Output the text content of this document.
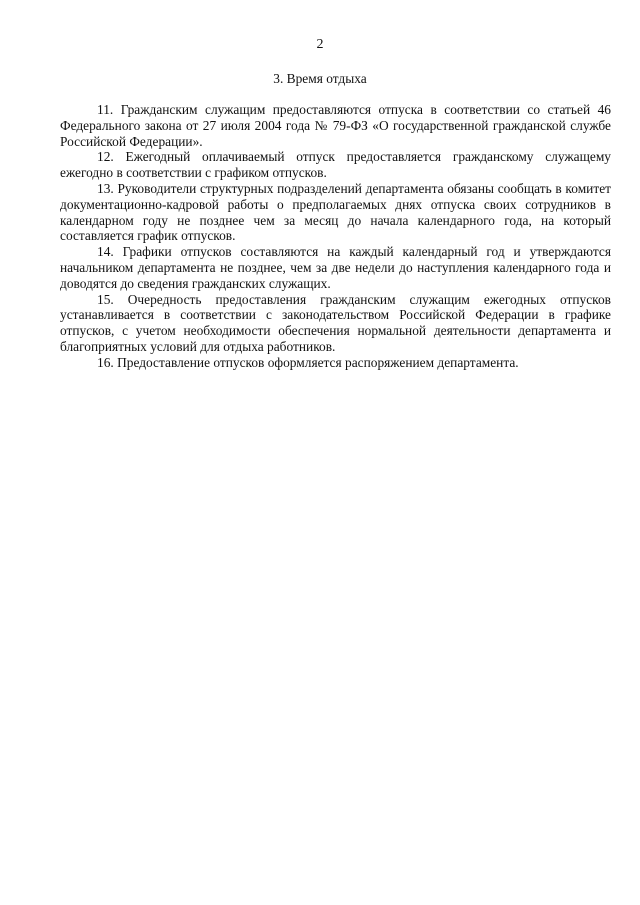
2
3. Время отдыха

11. Гражданским служащим предоставляются отпуска в соответствии со статьей 46 Федерального закона от 27 июля 2004 года № 79-ФЗ «О государственной гражданской службе Российской Федерации».

12. Ежегодный оплачиваемый отпуск предоставляется гражданскому служащему ежегодно в соответствии с графиком отпусков.

13. Руководители структурных подразделений департамента обязаны сообщать в комитет документационно-кадровой работы о предполагаемых днях отпуска своих сотрудников в календарном году не позднее чем за месяц до начала календарного года, на который составляется график отпусков.

14. Графики отпусков составляются на каждый календарный год и утверждаются начальником департамента не позднее, чем за две недели до наступления календарного года и доводятся до сведения гражданских служащих.

15. Очередность предоставления гражданским служащим ежегодных отпусков устанавливается в соответствии с законодательством Российской Федерации в графике отпусков, с учетом необходимости обеспечения нормальной деятельности департамента и благоприятных условий для отдыха работников.

16. Предоставление отпусков оформляется распоряжением департамента.
